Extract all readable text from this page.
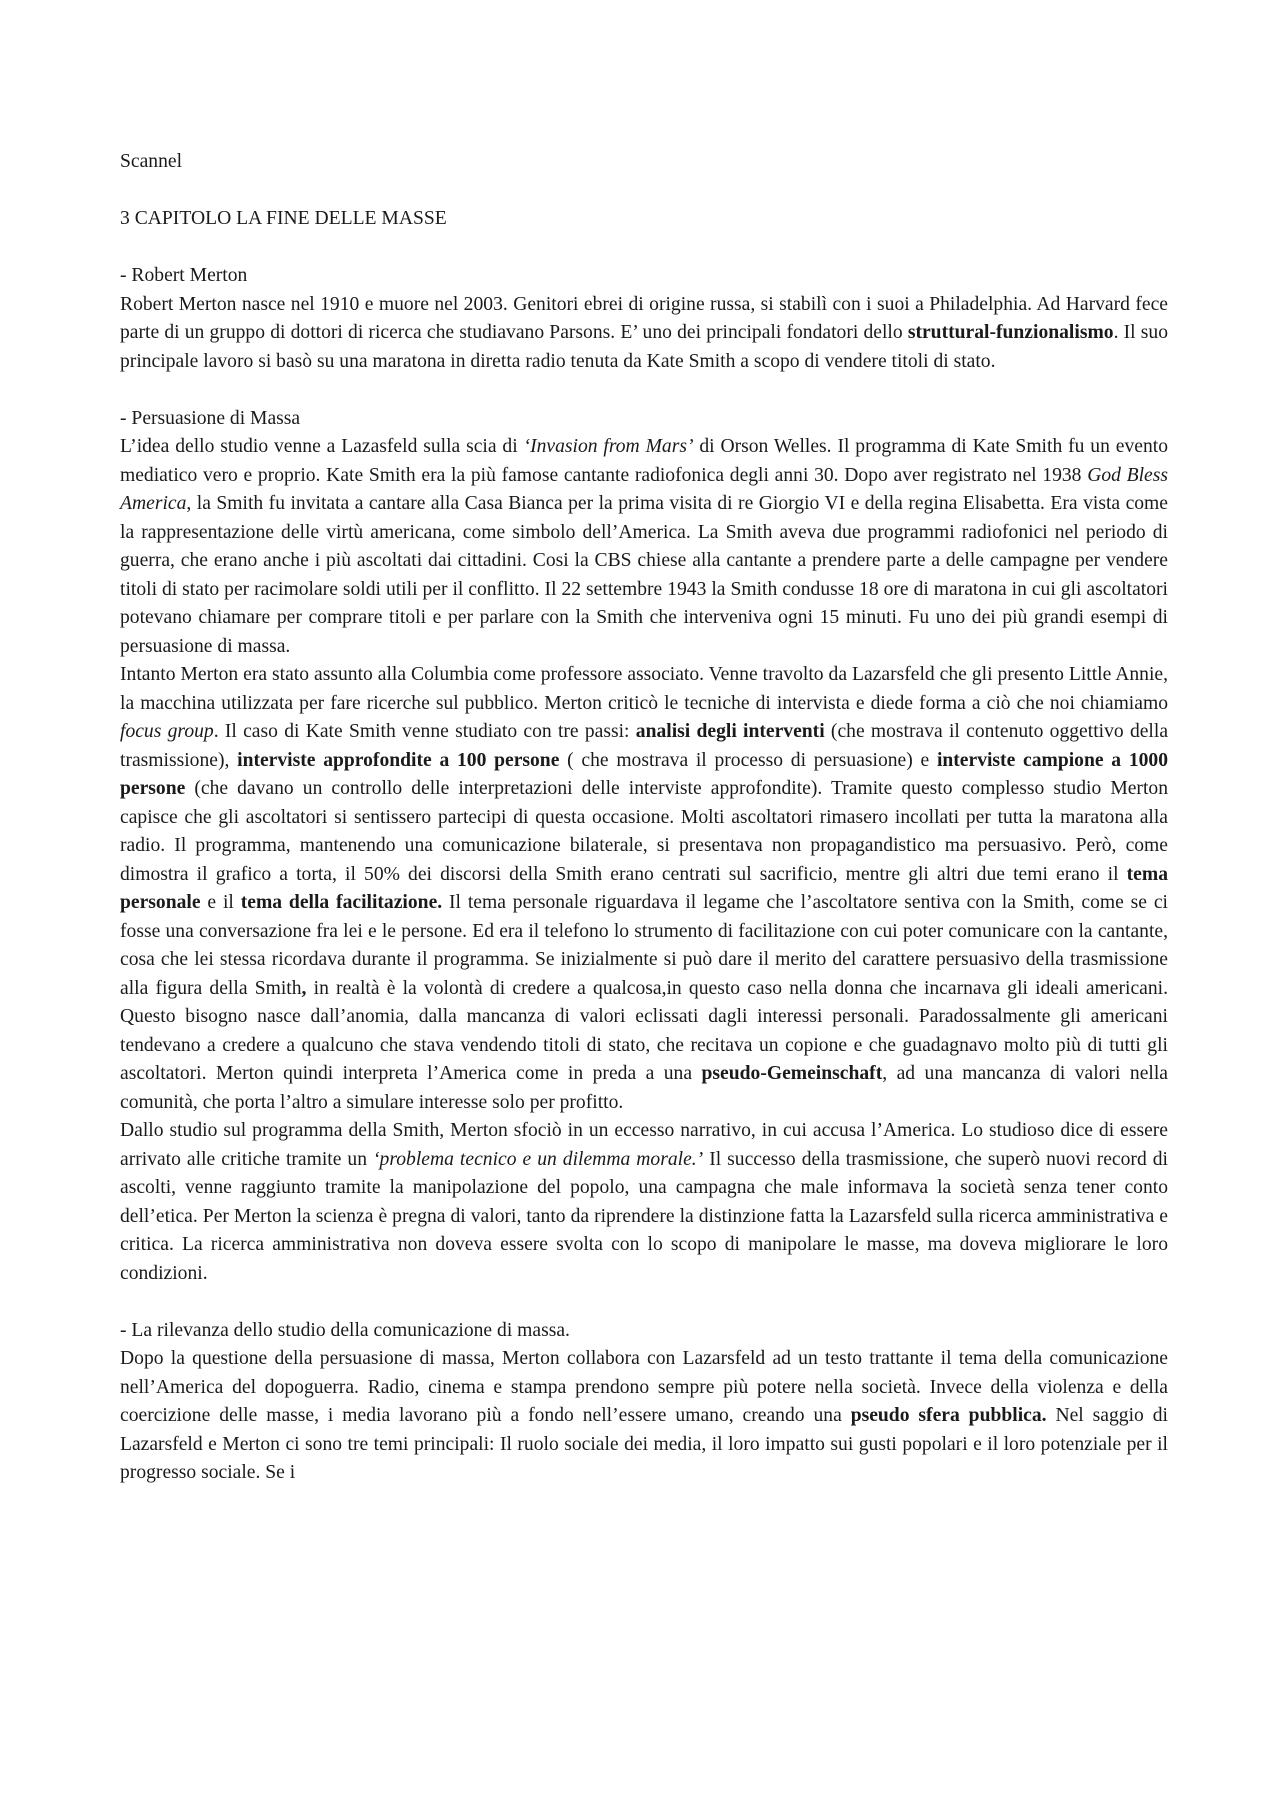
Scannel

3 CAPITOLO LA FINE DELLE MASSE

- Robert Merton

Robert Merton nasce nel 1910 e muore nel 2003. Genitori ebrei di origine russa, si stabilì con i suoi a Philadelphia. Ad Harvard fece parte di un gruppo di dottori di ricerca che studiavano Parsons. E’ uno dei principali fondatori dello struttural-funzionalismo. Il suo principale lavoro si basò su una maratona in diretta radio tenuta da Kate Smith a scopo di vendere titoli di stato.

- Persuasione di Massa

L’idea dello studio venne a Lazasfeld sulla scia di ‘Invasion from Mars’ di Orson Welles. Il programma di Kate Smith fu un evento mediatico vero e proprio. Kate Smith era la più famose cantante radiofonica degli anni 30. Dopo aver registrato nel 1938 God Bless America, la Smith fu invitata a cantare alla Casa Bianca per la prima visita di re Giorgio VI e della regina Elisabetta. Era vista come la rappresentazione delle virtù americana, come simbolo dell’America. La Smith aveva due programmi radiofonici nel periodo di guerra, che erano anche i più ascoltati dai cittadini. Cosi la CBS chiese alla cantante a prendere parte a delle campagne per vendere titoli di stato per racimolare soldi utili per il conflitto. Il 22 settembre 1943 la Smith condusse 18 ore di maratona in cui gli ascoltatori potevano chiamare per comprare titoli e per parlare con la Smith che interveniva ogni 15 minuti. Fu uno dei più grandi esempi di persuasione di massa.

Intanto Merton era stato assunto alla Columbia come professore associato. Venne travolto da Lazarsfeld che gli presento Little Annie, la macchina utilizzata per fare ricerche sul pubblico. Merton criticò le tecniche di intervista e diede forma a ciò che noi chiamiamo focus group. Il caso di Kate Smith venne studiato con tre passi: analisi degli interventi (che mostrava il contenuto oggettivo della trasmissione), interviste approfondite a 100 persone ( che mostrava il processo di persuasione) e interviste campione a 1000 persone (che davano un controllo delle interpretazioni delle interviste approfondite). Tramite questo complesso studio Merton capisce che gli ascoltatori si sentissero partecipi di questa occasione. Molti ascoltatori rimasero incollati per tutta la maratona alla radio. Il programma, mantenendo una comunicazione bilaterale, si presentava non propagandistico ma persuasivo. Però, come dimostra il grafico a torta, il 50% dei discorsi della Smith erano centrati sul sacrificio, mentre gli altri due temi erano il tema personale e il tema della facilitazione. Il tema personale riguardava il legame che l’ascoltatore sentiva con la Smith, come se ci fosse una conversazione fra lei e le persone. Ed era il telefono lo strumento di facilitazione con cui poter comunicare con la cantante, cosa che lei stessa ricordava durante il programma. Se inizialmente si può dare il merito del carattere persuasivo della trasmissione alla figura della Smith, in realtà è la volontà di credere a qualcosa,in questo caso nella donna che incarnava gli ideali americani. Questo bisogno nasce dall’anomia, dalla mancanza di valori eclissati dagli interessi personali. Paradossalmente gli americani tendevano a credere a qualcuno che stava vendendo titoli di stato, che recitava un copione e che guadagnavo molto più di tutti gli ascoltatori. Merton quindi interpreta l’America come in preda a una pseudo-Gemeinschaft, ad una mancanza di valori nella comunità, che porta l’altro a simulare interesse solo per profitto.

Dallo studio sul programma della Smith, Merton sfociò in un eccesso narrativo, in cui accusa l’America. Lo studioso dice di essere arrivato alle critiche tramite un ‘problema tecnico e un dilemma morale.’ Il successo della trasmissione, che superò nuovi record di ascolti, venne raggiunto tramite la manipolazione del popolo, una campagna che male informava la società senza tener conto dell’etica. Per Merton la scienza è pregna di valori, tanto da riprendere la distinzione fatta la Lazarsfeld sulla ricerca amministrativa e critica. La ricerca amministrativa non doveva essere svolta con lo scopo di manipolare le masse, ma doveva migliorare le loro condizioni.

- La rilevanza dello studio della comunicazione di massa.

Dopo la questione della persuasione di massa, Merton collabora con Lazarsfeld ad un testo trattante il tema della comunicazione nell’America del dopoguerra. Radio, cinema e stampa prendono sempre più potere nella società. Invece della violenza e della coercizione delle masse, i media lavorano più a fondo nell’essere umano, creando una pseudo sfera pubblica. Nel saggio di Lazarsfeld e Merton ci sono tre temi principali: Il ruolo sociale dei media, il loro impatto sui gusti popolari e il loro potenziale per il progresso sociale. Se i
